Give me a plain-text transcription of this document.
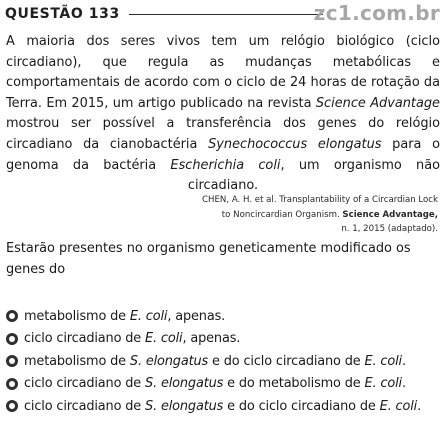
QUESTÃO 133	zc1.com.br

A maioria dos seres vivos tem um relógio biológico (ciclo circadiano), que regula as mudanças metabólicas e comportamentais de acordo com o ciclo de 24 horas de rotação da Terra. Em 2015, um artigo publicado na revista Science Advantage mostrou ser possível a transferência dos genes do relógio circadiano da cianobactéria Synechococcus elongatus para o genoma da bactéria Escherichia coli, um organismo não circadiano.

CHEN, A. H. et al. Transplantability of a Circardian Lock
to Noncircardian Organism. Science Advantage,
n. 1, 2015 (adaptado).

Estarão presentes no organismo geneticamente modificado os genes do

metabolismo de E. coli, apenas.
ciclo circadiano de E. coli, apenas.
metabolismo de S. elongatus e do ciclo circadiano de E. coli.
ciclo circadiano de S. elongatus e do metabolismo de E. coli.
ciclo circadiano de S. elongatus e do ciclo circadiano de E. coli.
